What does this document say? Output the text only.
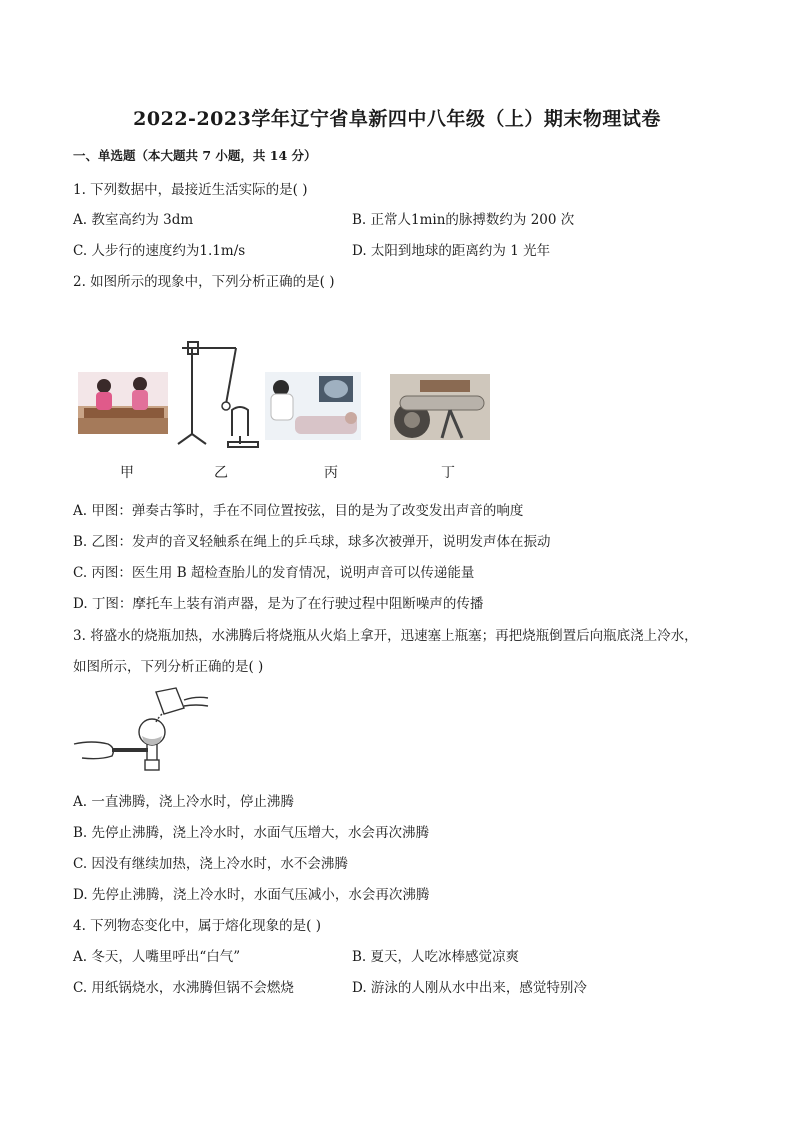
2022-2023学年辽宁省阜新四中八年级（上）期末物理试卷
一、单选题（本大题共 7 小题，共 14 分）
1. 下列数据中，最接近生活实际的是( )
A. 教室高约为 3dm	B. 正常人1min的脉搏数约为 200 次
C. 人步行的速度约为1.1m/s	D. 太阳到地球的距离约为 1 光年
2. 如图所示的现象中，下列分析正确的是( )
甲	乙	丙	丁
A. 甲图：弹奏古筝时，手在不同位置按弦，目的是为了改变发出声音的响度
B. 乙图：发声的音叉轻触系在绳上的乒乓球，球多次被弹开，说明发声体在振动
C. 丙图：医生用 B 超检查胎儿的发育情况，说明声音可以传递能量
D. 丁图：摩托车上装有消声器，是为了在行驶过程中阻断噪声的传播
3. 将盛水的烧瓶加热，水沸腾后将烧瓶从火焰上拿开，迅速塞上瓶塞；再把烧瓶倒置后向瓶底浇上冷水，
如图所示，下列分析正确的是( )
A. 一直沸腾，浇上冷水时，停止沸腾
B. 先停止沸腾，浇上冷水时，水面气压增大，水会再次沸腾
C. 因没有继续加热，浇上冷水时，水不会沸腾
D. 先停止沸腾，浇上冷水时，水面气压减小，水会再次沸腾
4. 下列物态变化中，属于熔化现象的是( )
A. 冬天，人嘴里呼出“白气”	B. 夏天，人吃冰棒感觉凉爽
C. 用纸锅烧水，水沸腾但锅不会燃烧	D. 游泳的人刚从水中出来，感觉特别冷
